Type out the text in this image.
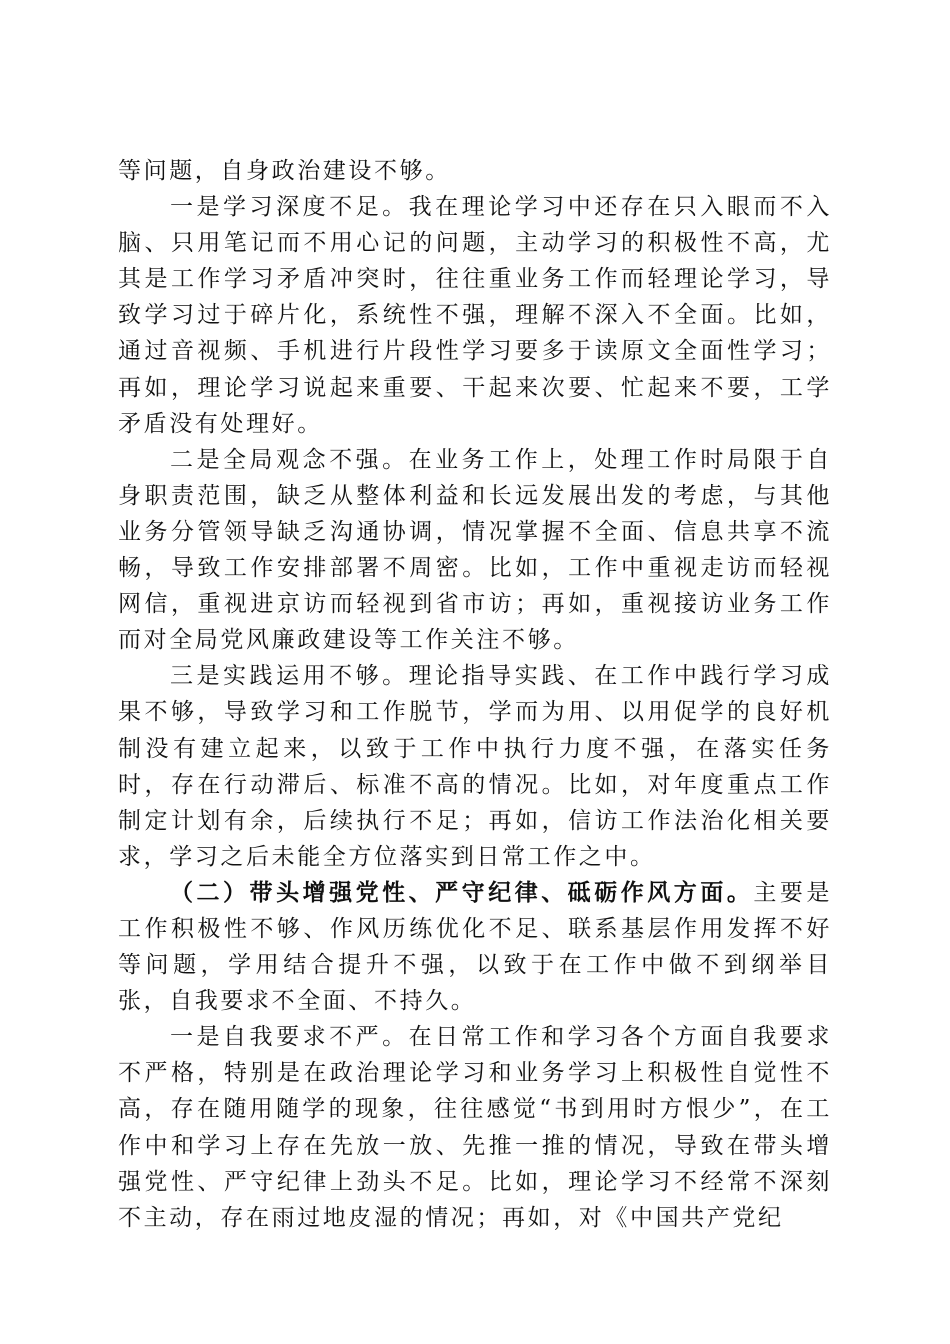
等问题，自身政治建设不够。

一是学习深度不足。我在理论学习中还存在只入眼而不入脑、只用笔记而不用心记的问题，主动学习的积极性不高，尤其是工作学习矛盾冲突时，往往重业务工作而轻理论学习，导致学习过于碎片化，系统性不强，理解不深入不全面。比如，通过音视频、手机进行片段性学习要多于读原文全面性学习；再如，理论学习说起来重要、干起来次要、忙起来不要，工学矛盾没有处理好。

二是全局观念不强。在业务工作上，处理工作时局限于自身职责范围，缺乏从整体利益和长远发展出发的考虑，与其他业务分管领导缺乏沟通协调，情况掌握不全面、信息共享不流畅，导致工作安排部署不周密。比如，工作中重视走访而轻视网信，重视进京访而轻视到省市访；再如，重视接访业务工作而对全局党风廉政建设等工作关注不够。

三是实践运用不够。理论指导实践、在工作中践行学习成果不够，导致学习和工作脱节，学而为用、以用促学的良好机制没有建立起来，以致于工作中执行力度不强，在落实任务时，存在行动滞后、标准不高的情况。比如，对年度重点工作制定计划有余，后续执行不足；再如，信访工作法治化相关要求，学习之后未能全方位落实到日常工作之中。

（二）带头增强党性、严守纪律、砥砺作风方面。主要是工作积极性不够、作风历练优化不足、联系基层作用发挥不好等问题，学用结合提升不强，以致于在工作中做不到纲举目张，自我要求不全面、不持久。

一是自我要求不严。在日常工作和学习各个方面自我要求不严格，特别是在政治理论学习和业务学习上积极性自觉性不高，存在随用随学的现象，往往感觉“书到用时方恨少”，在工作中和学习上存在先放一放、先推一推的情况，导致在带头增强党性、严守纪律上劲头不足。比如，理论学习不经常不深刻不主动，存在雨过地皮湿的情况；再如，对《中国共产党纪
